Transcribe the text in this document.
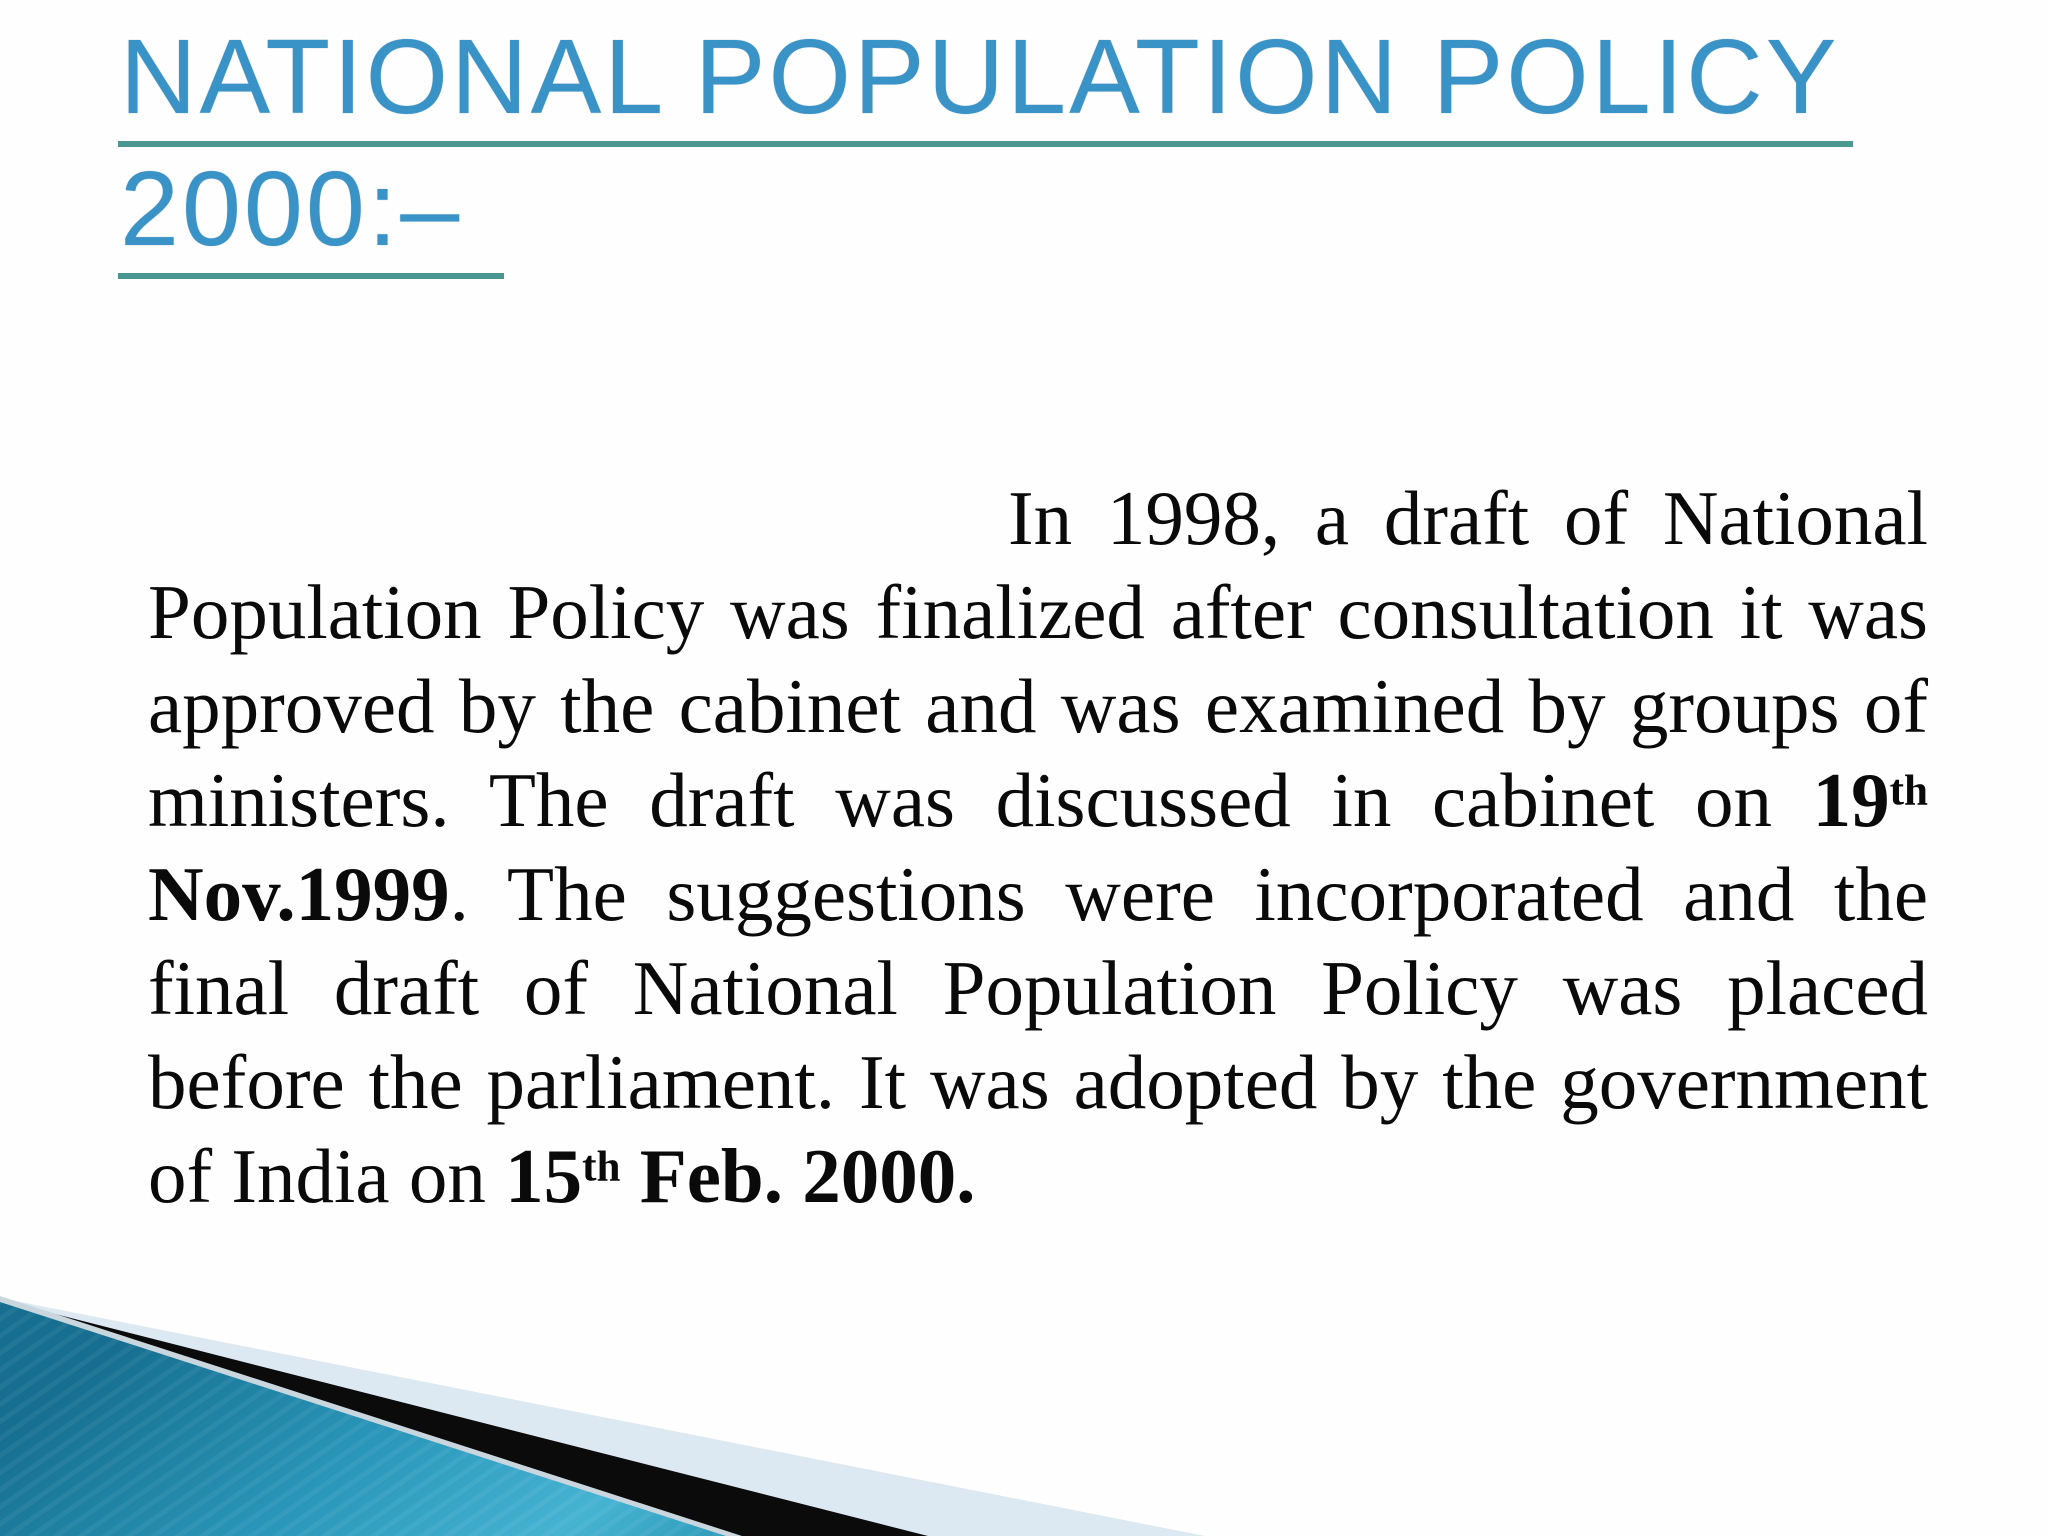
NATIONAL POPULATION POLICY
2000:–

In 1998, a draft of National Population Policy was finalized after consultation it was approved by the cabinet and was examined by groups of ministers. The draft was discussed in cabinet on 19th Nov.1999. The suggestions were incorporated and the final draft of National Population Policy was placed before the parliament. It was adopted by the government of India on 15th Feb. 2000.
